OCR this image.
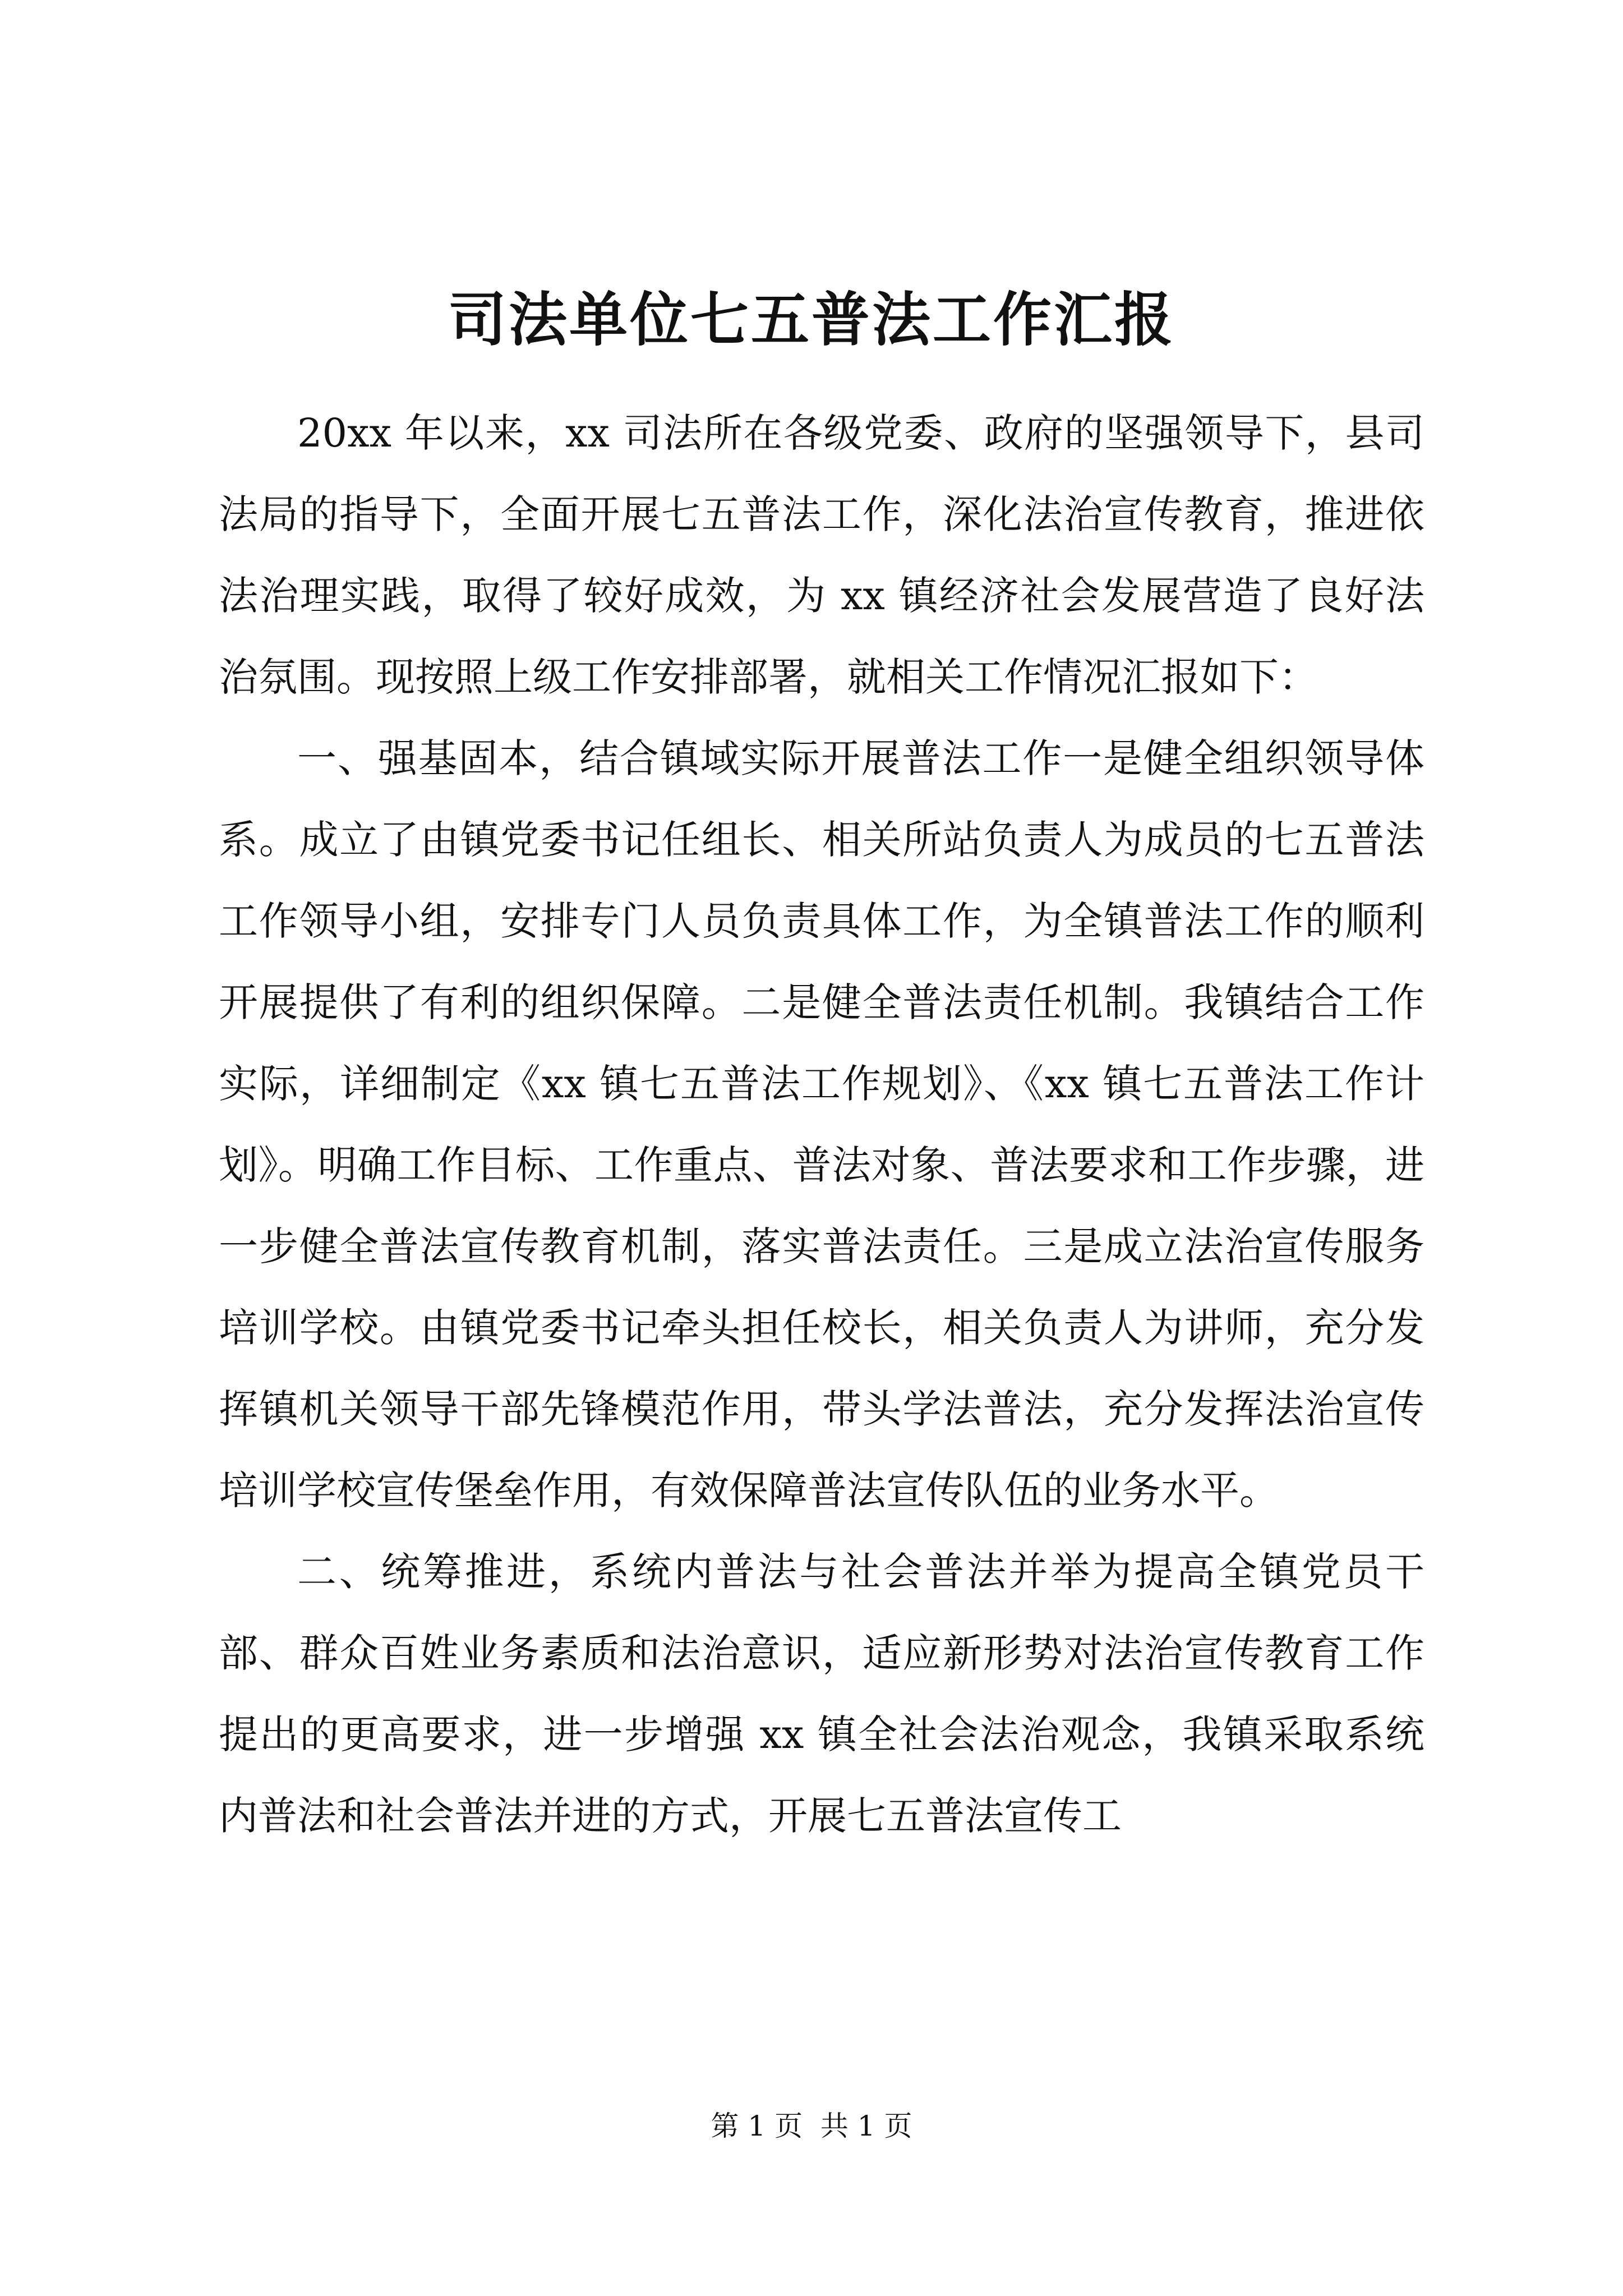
司法单位七五普法工作汇报

20xx 年以来，xx 司法所在各级党委、政府的坚强领导下，县司法局的指导下，全面开展七五普法工作，深化法治宣传教育，推进依法治理实践，取得了较好成效，为 xx 镇经济社会发展营造了良好法治氛围。现按照上级工作安排部署，就相关工作情况汇报如下：

一、强基固本，结合镇域实际开展普法工作一是健全组织领导体系。成立了由镇党委书记任组长、相关所站负责人为成员的七五普法工作领导小组，安排专门人员负责具体工作，为全镇普法工作的顺利开展提供了有利的组织保障。二是健全普法责任机制。我镇结合工作实际，详细制定《xx 镇七五普法工作规划》、《xx 镇七五普法工作计划》。明确工作目标、工作重点、普法对象、普法要求和工作步骤，进一步健全普法宣传教育机制，落实普法责任。三是成立法治宣传服务培训学校。由镇党委书记牵头担任校长，相关负责人为讲师，充分发挥镇机关领导干部先锋模范作用，带头学法普法，充分发挥法治宣传培训学校宣传堡垒作用，有效保障普法宣传队伍的业务水平。

二、统筹推进，系统内普法与社会普法并举为提高全镇党员干部、群众百姓业务素质和法治意识，适应新形势对法治宣传教育工作提出的更高要求，进一步增强 xx 镇全社会法治观念，我镇采取系统内普法和社会普法并进的方式，开展七五普法宣传工

第 1 页  共 1 页
